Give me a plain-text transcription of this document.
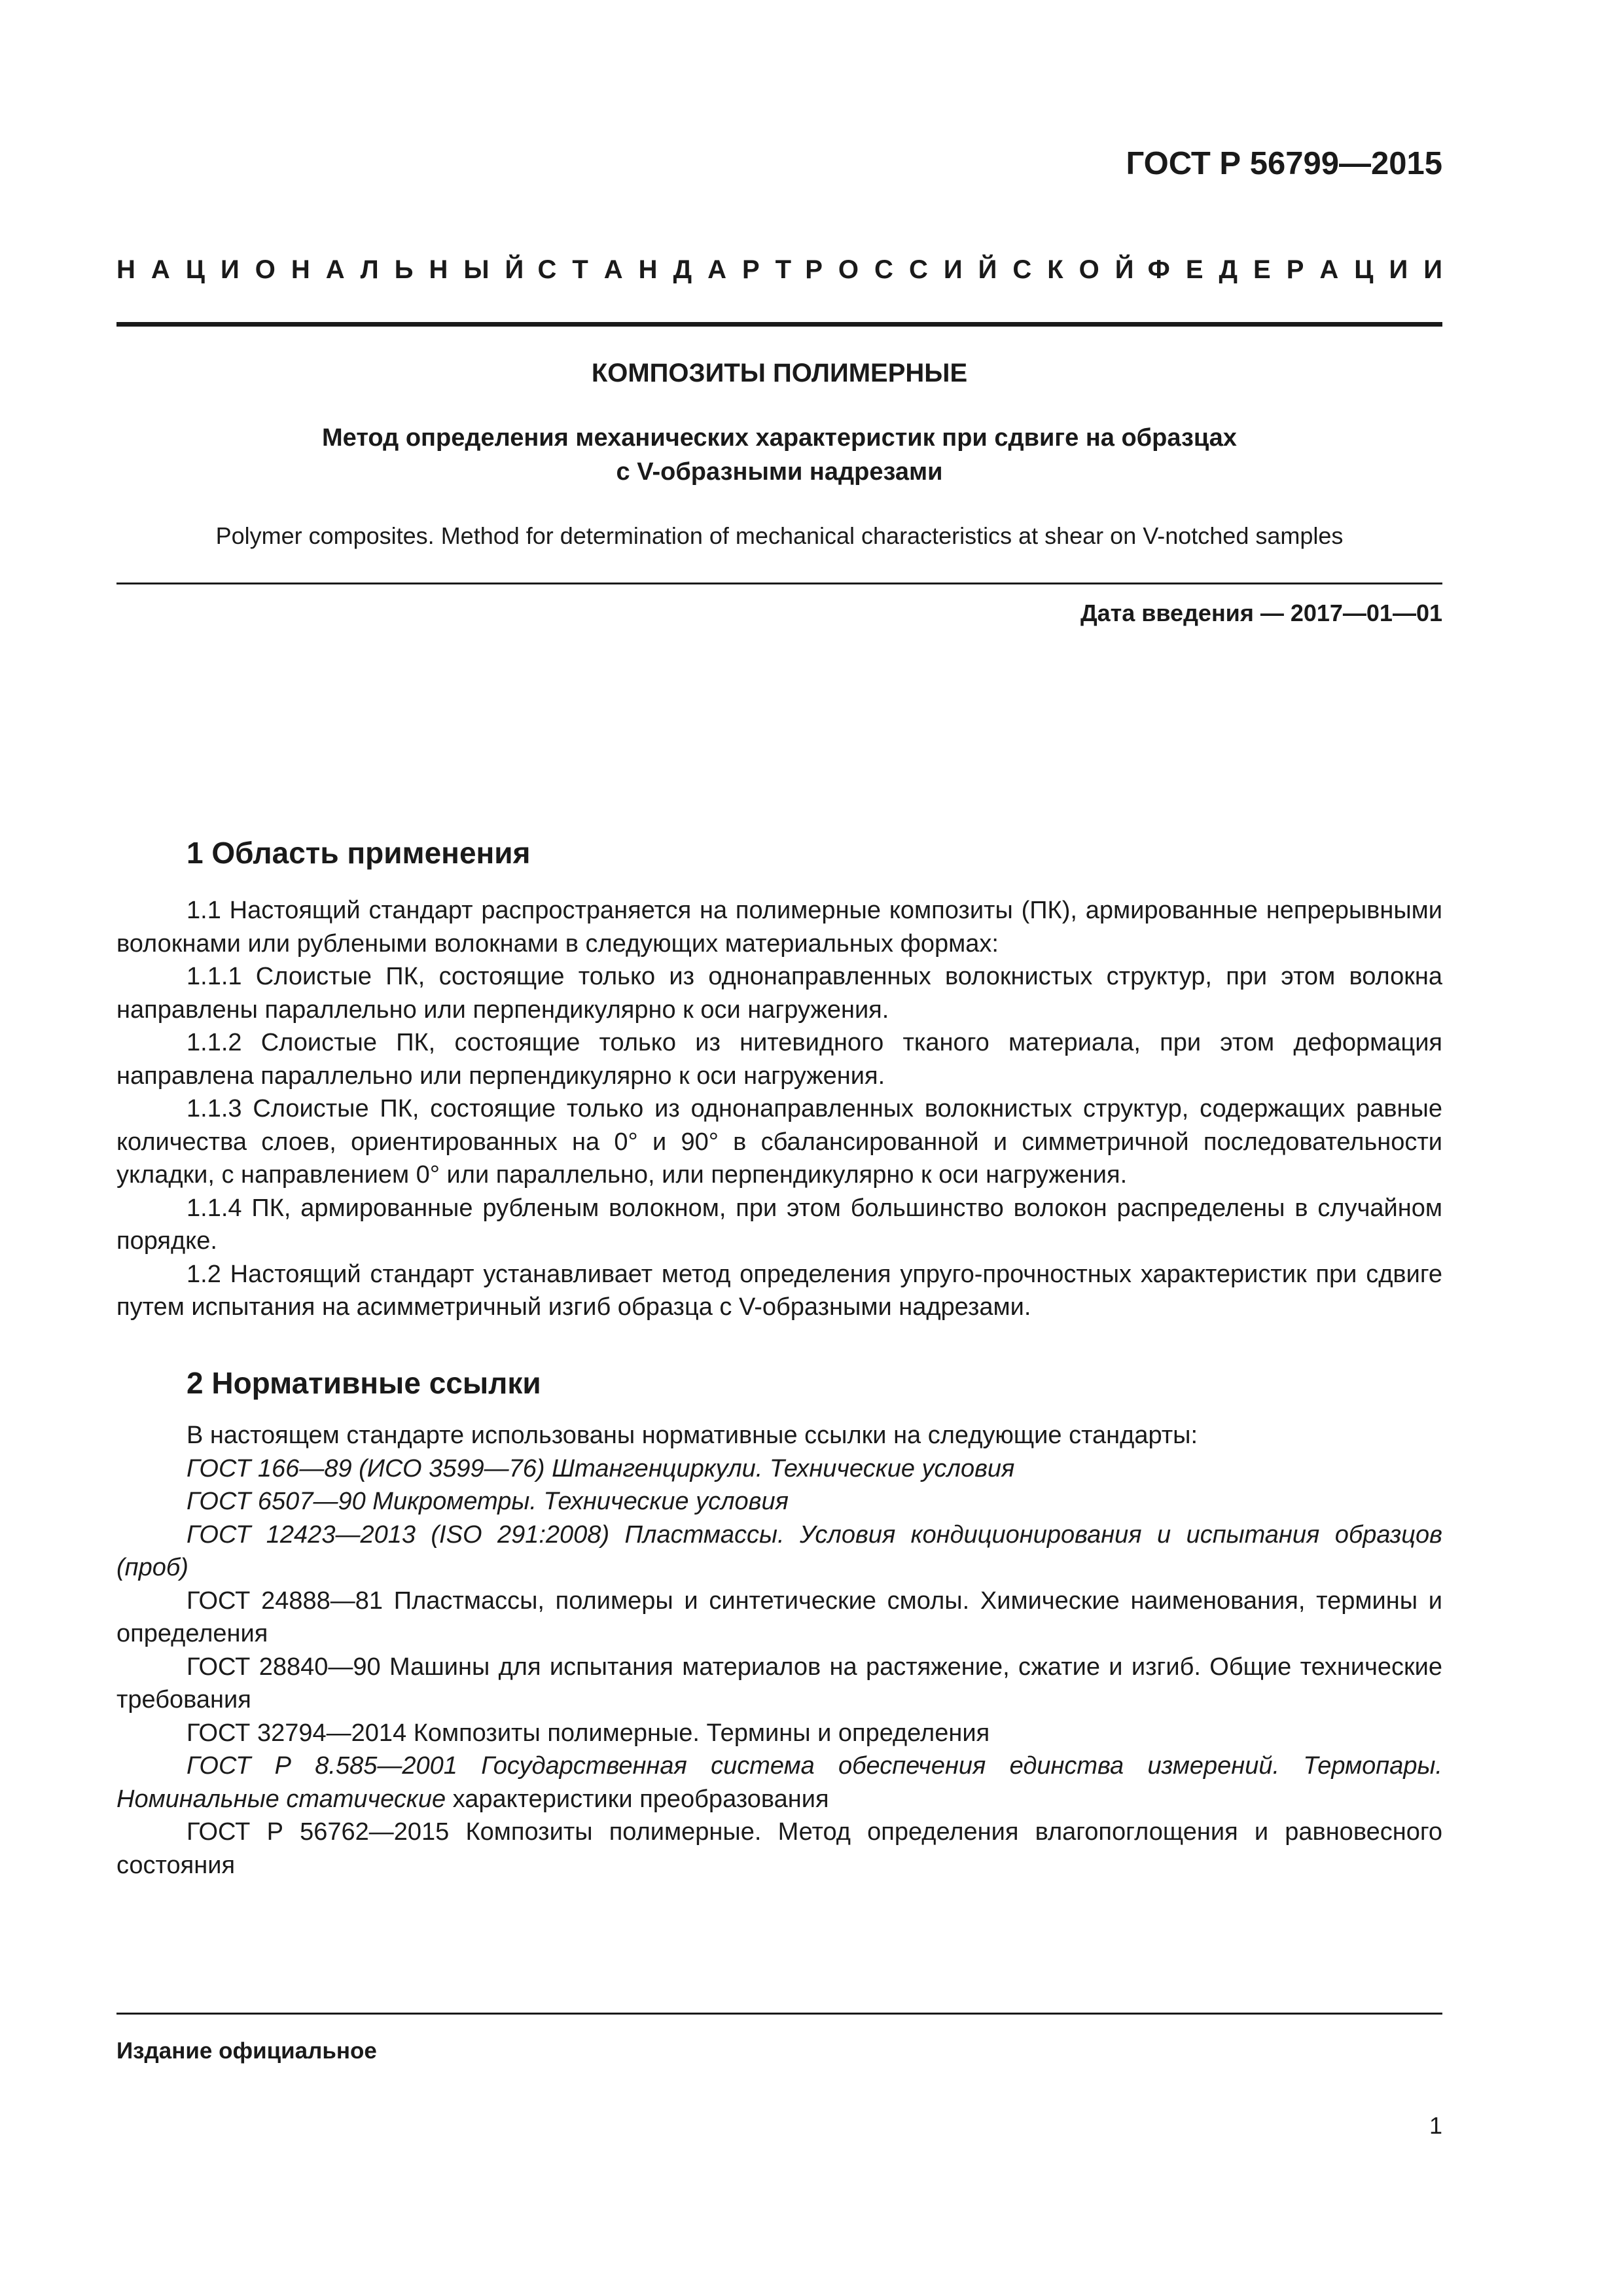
ГОСТ Р 56799—2015
Н А Ц И О Н А Л Ь Н Ы Й С Т А Н Д А Р Т Р О С С И Й С К О Й Ф Е Д Е Р А Ц И И
КОМПОЗИТЫ ПОЛИМЕРНЫЕ
Метод определения механических характеристик при сдвиге на образцах
с V-образными надрезами
Polymer composites. Method for determination of mechanical characteristics at shear on V-notched samples
Дата введения — 2017—01—01
1 Область применения

1.1 Настоящий стандарт распространяется на полимерные композиты (ПК), армированные непрерывными волокнами или рублеными волокнами в следующих материальных формах:

1.1.1 Слоистые ПК, состоящие только из однонаправленных волокнистых структур, при этом волокна направлены параллельно или перпендикулярно к оси нагружения.

1.1.2 Слоистые ПК, состоящие только из нитевидного тканого материала, при этом деформация направлена параллельно или перпендикулярно к оси нагружения.

1.1.3 Слоистые ПК, состоящие только из однонаправленных волокнистых структур, содержащих равные количества слоев, ориентированных на 0° и 90° в сбалансированной и симметричной последовательности укладки, с направлением 0° или параллельно, или перпендикулярно к оси нагружения.

1.1.4 ПК, армированные рубленым волокном, при этом большинство волокон распределены в случайном порядке.

1.2 Настоящий стандарт устанавливает метод определения упруго-прочностных характеристик при сдвиге путем испытания на асимметричный изгиб образца с V-образными надрезами.

2 Нормативные ссылки

В настоящем стандарте использованы нормативные ссылки на следующие стандарты:

ГОСТ 166—89 (ИСО 3599—76) Штангенциркули. Технические условия

ГОСТ 6507—90 Микрометры. Технические условия

ГОСТ 12423—2013 (ISO 291:2008) Пластмассы. Условия кондиционирования и испытания образцов (проб)

ГОСТ 24888—81 Пластмассы, полимеры и синтетические смолы. Химические наименования, термины и определения

ГОСТ 28840—90 Машины для испытания материалов на растяжение, сжатие и изгиб. Общие технические требования

ГОСТ 32794—2014 Композиты полимерные. Термины и определения

ГОСТ Р 8.585—2001 Государственная система обеспечения единства измерений. Термопары. Номинальные статические характеристики преобразования

ГОСТ Р 56762—2015 Композиты полимерные. Метод определения влагопоглощения и равновесного состояния

Издание официальное
1
